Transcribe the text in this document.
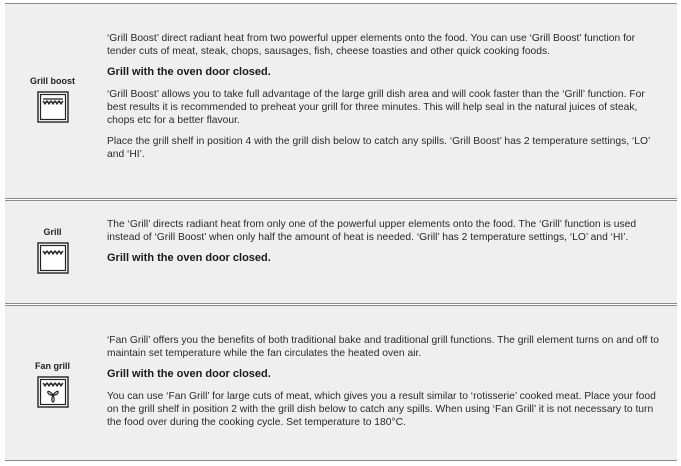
Grill boost

‘Grill Boost’ direct radiant heat from two powerful upper elements onto the food. You can use ‘Grill Boost’ function for tender cuts of meat, steak, chops, sausages, fish, cheese toasties and other quick cooking foods.

Grill with the oven door closed.

‘Grill Boost’ allows you to take full advantage of the large grill dish area and will cook faster than the ‘Grill’ function. For best results it is recommended to preheat your grill for three minutes. This will help seal in the natural juices of steak, chops etc for a better flavour.

Place the grill shelf in position 4 with the grill dish below to catch any spills. ‘Grill Boost’ has 2 temperature settings, ‘LO’ and ‘HI’.

Grill

The ‘Grill’ directs radiant heat from only one of the powerful upper elements onto the food. The ‘Grill’ function is used instead of ‘Grill Boost’ when only half the amount of heat is needed. ‘Grill’ has 2 temperature settings, ‘LO’ and ‘HI’.

Grill with the oven door closed.

Fan grill

‘Fan Grill’ offers you the benefits of both traditional bake and traditional grill functions. The grill element turns on and off to maintain set temperature while the fan circulates the heated oven air.

Grill with the oven door closed.

You can use ‘Fan Grill’ for large cuts of meat, which gives you a result similar to ‘rotisserie’ cooked meat. Place your food on the grill shelf in position 2 with the grill dish below to catch any spills. When using ‘Fan Grill’ it is not necessary to turn the food over during the cooking cycle. Set temperature to 180°C.
